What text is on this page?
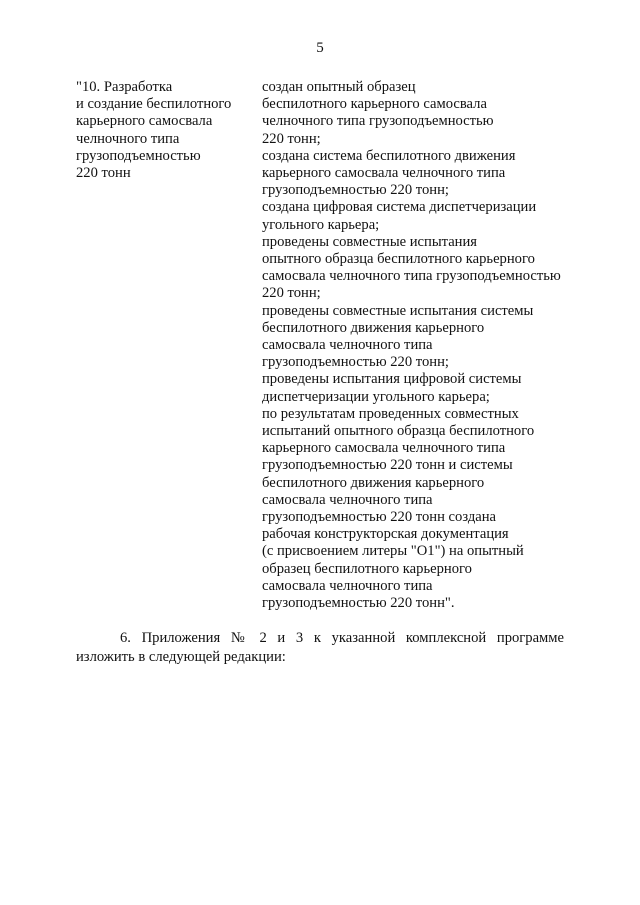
5
"10. Разработка
и создание беспилотного
карьерного самосвала
челночного типа
грузоподъемностью
220 тонн
создан опытный образец
беспилотного карьерного самосвала
челночного типа грузоподъемностью
220 тонн;
создана система беспилотного движения
карьерного самосвала челночного типа
грузоподъемностью 220 тонн;
создана цифровая система диспетчеризации
угольного карьера;
проведены совместные испытания
опытного образца беспилотного карьерного
самосвала челночного типа грузоподъемностью
220 тонн;
проведены совместные испытания системы
беспилотного движения карьерного
самосвала челночного типа
грузоподъемностью 220 тонн;
проведены испытания цифровой системы
диспетчеризации угольного карьера;
по результатам проведенных совместных
испытаний опытного образца беспилотного
карьерного самосвала челночного типа
грузоподъемностью 220 тонн и системы
беспилотного движения карьерного
самосвала челночного типа
грузоподъемностью 220 тонн создана
рабочая конструкторская документация
(с присвоением литеры "О1") на опытный
образец беспилотного карьерного
самосвала челночного типа
грузоподъемностью 220 тонн".
6. Приложения № 2 и 3 к указанной комплексной программе
изложить в следующей редакции:
